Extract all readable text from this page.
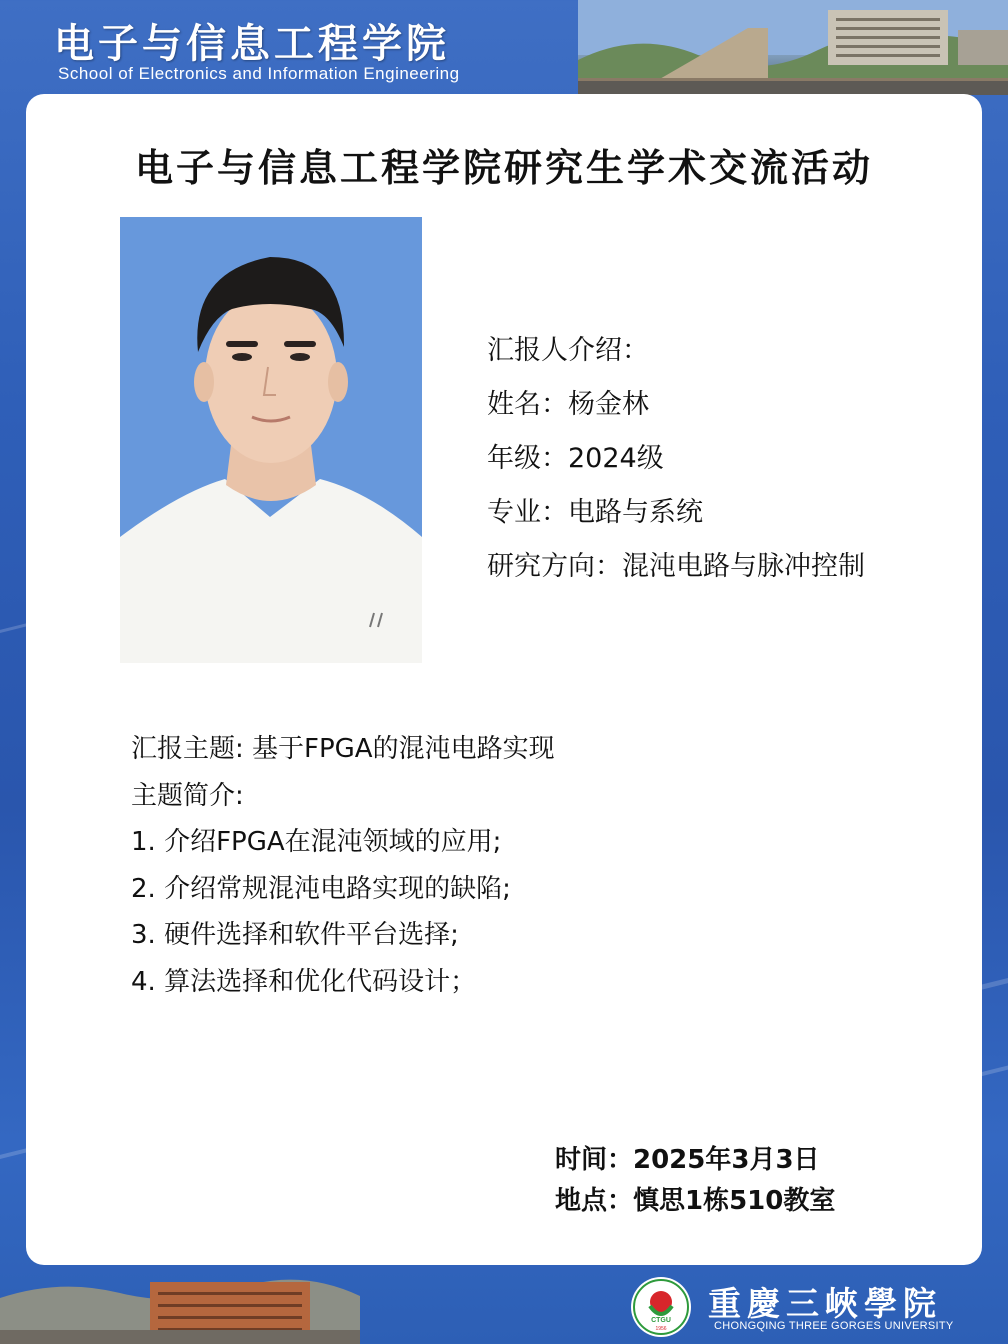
电子与信息工程学院
School of Electronics and Information Engineering
电子与信息工程学院研究生学术交流活动
汇报人介绍：
姓名：杨金林
年级：2024级
专业：电路与系统
研究方向：混沌电路与脉冲控制
汇报主题: 基于FPGA的混沌电路实现
主题简介:
1. 介绍FPGA在混沌领域的应用;
2. 介绍常规混沌电路实现的缺陷;
3. 硬件选择和软件平台选择;
4. 算法选择和优化代码设计；
时间：2025年3月3日
地点：慎思1栋510教室
CTGU
1956
重慶三峽學院
CHONGQING THREE GORGES UNIVERSITY
